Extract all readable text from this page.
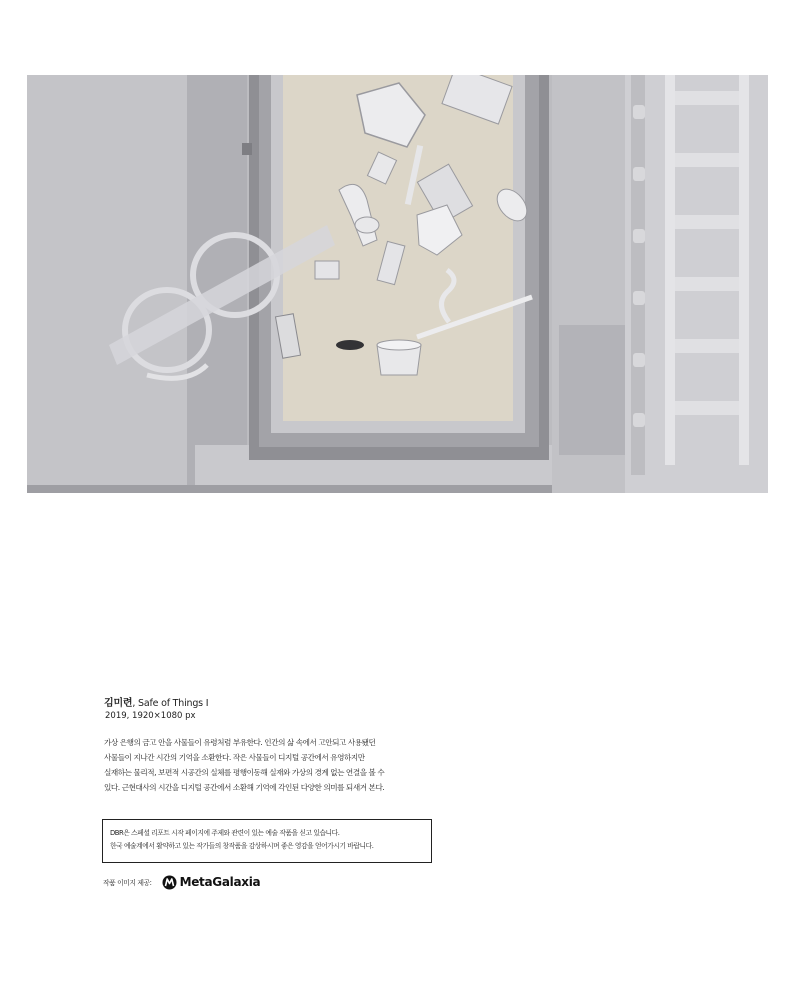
김미련, Safe of Things Ⅰ
2019, 1920×1080 px
가상 은행의 금고 안을 사물들이 유령처럼 부유한다. 인간의 삶 속에서 고안되고 사용됐던
사물들이 지나간 시간의 기억을 소환한다. 작은 사물들이 디지털 공간에서 유영하지만
실재하는 물리적, 보편적 시공간의 실체를 평행이동해 실재와 가상의 경계 없는 연결을 볼 수
있다. 근현대사의 시간을 디지털 공간에서 소환해 기억에 각인된 다양한 의미를 되새겨 본다.
DBR은 스페셜 리포트 시작 페이지에 주제와 관련이 있는 예술 작품을 싣고 있습니다.
한국 예술계에서 활약하고 있는 작가들의 창작품을 감상하시며 좋은 영감을 얻어가시기 바랍니다.
작품 이미지 제공: MetaGalaxia
